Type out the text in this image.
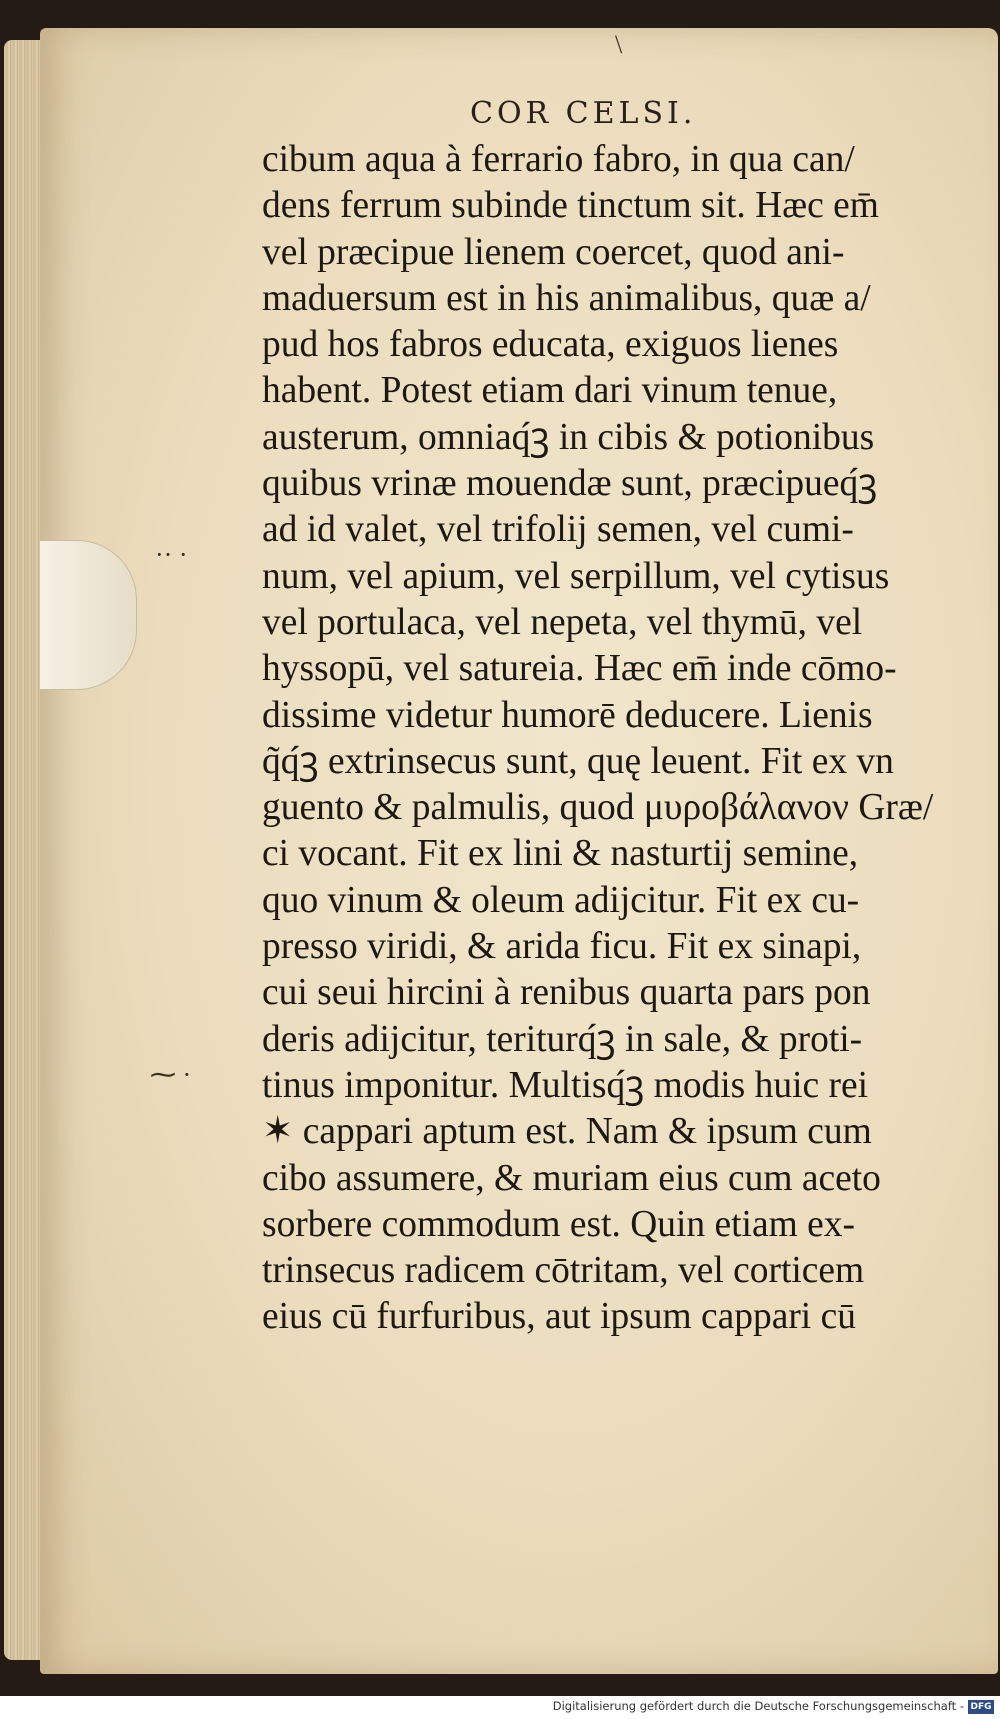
COR CELSI.
cibum aqua à ferrario fabro, in qua can/
dens ferrum subinde tinctum sit. Hæc em̄
vel præcipue lienem coercet, quod ani-
maduersum est in his animalibus, quæ a/
pud hos fabros educata, exiguos lienes
habent. Potest etiam dari vinum tenue,
austerum, omniaq́ꝫ in cibis & potionibus
quibus vrinæ mouendæ sunt, præcipueq́ꝫ
ad id valet, vel trifolij semen, vel cumi-
num, vel apium, vel serpillum, vel cytisus
vel portulaca, vel nepeta, vel thymū, vel
hyssopū, vel satureia. Hæc em̄ inde cōmo-
dissime videtur humorē deducere. Lienis
q̃q́ꝫ extrinsecus sunt, quę leuent. Fit ex vn
guento & palmulis, quod μυροβάλανον Græ/
ci vocant. Fit ex lini & nasturtij semine,
quo vinum & oleum adijcitur. Fit ex cu-
presso viridi, & arida ficu. Fit ex sinapi,
cui seui hircini à renibus quarta pars pon
deris adijcitur, teriturq́ꝫ in sale, & proti-
tinus imponitur. Multisq́ꝫ modis huic rei
✶ cappari aptum est. Nam & ipsum cum
cibo assumere, & muriam eius cum aceto
sorbere commodum est. Quin etiam ex-
trinsecus radicem cōtritam, vel corticem
eius cū furfuribus, aut ipsum cappari cū
⁓ ·
·· ·
\
Digitalisierung gefördert durch die Deutsche Forschungsgemeinschaft - DFG
